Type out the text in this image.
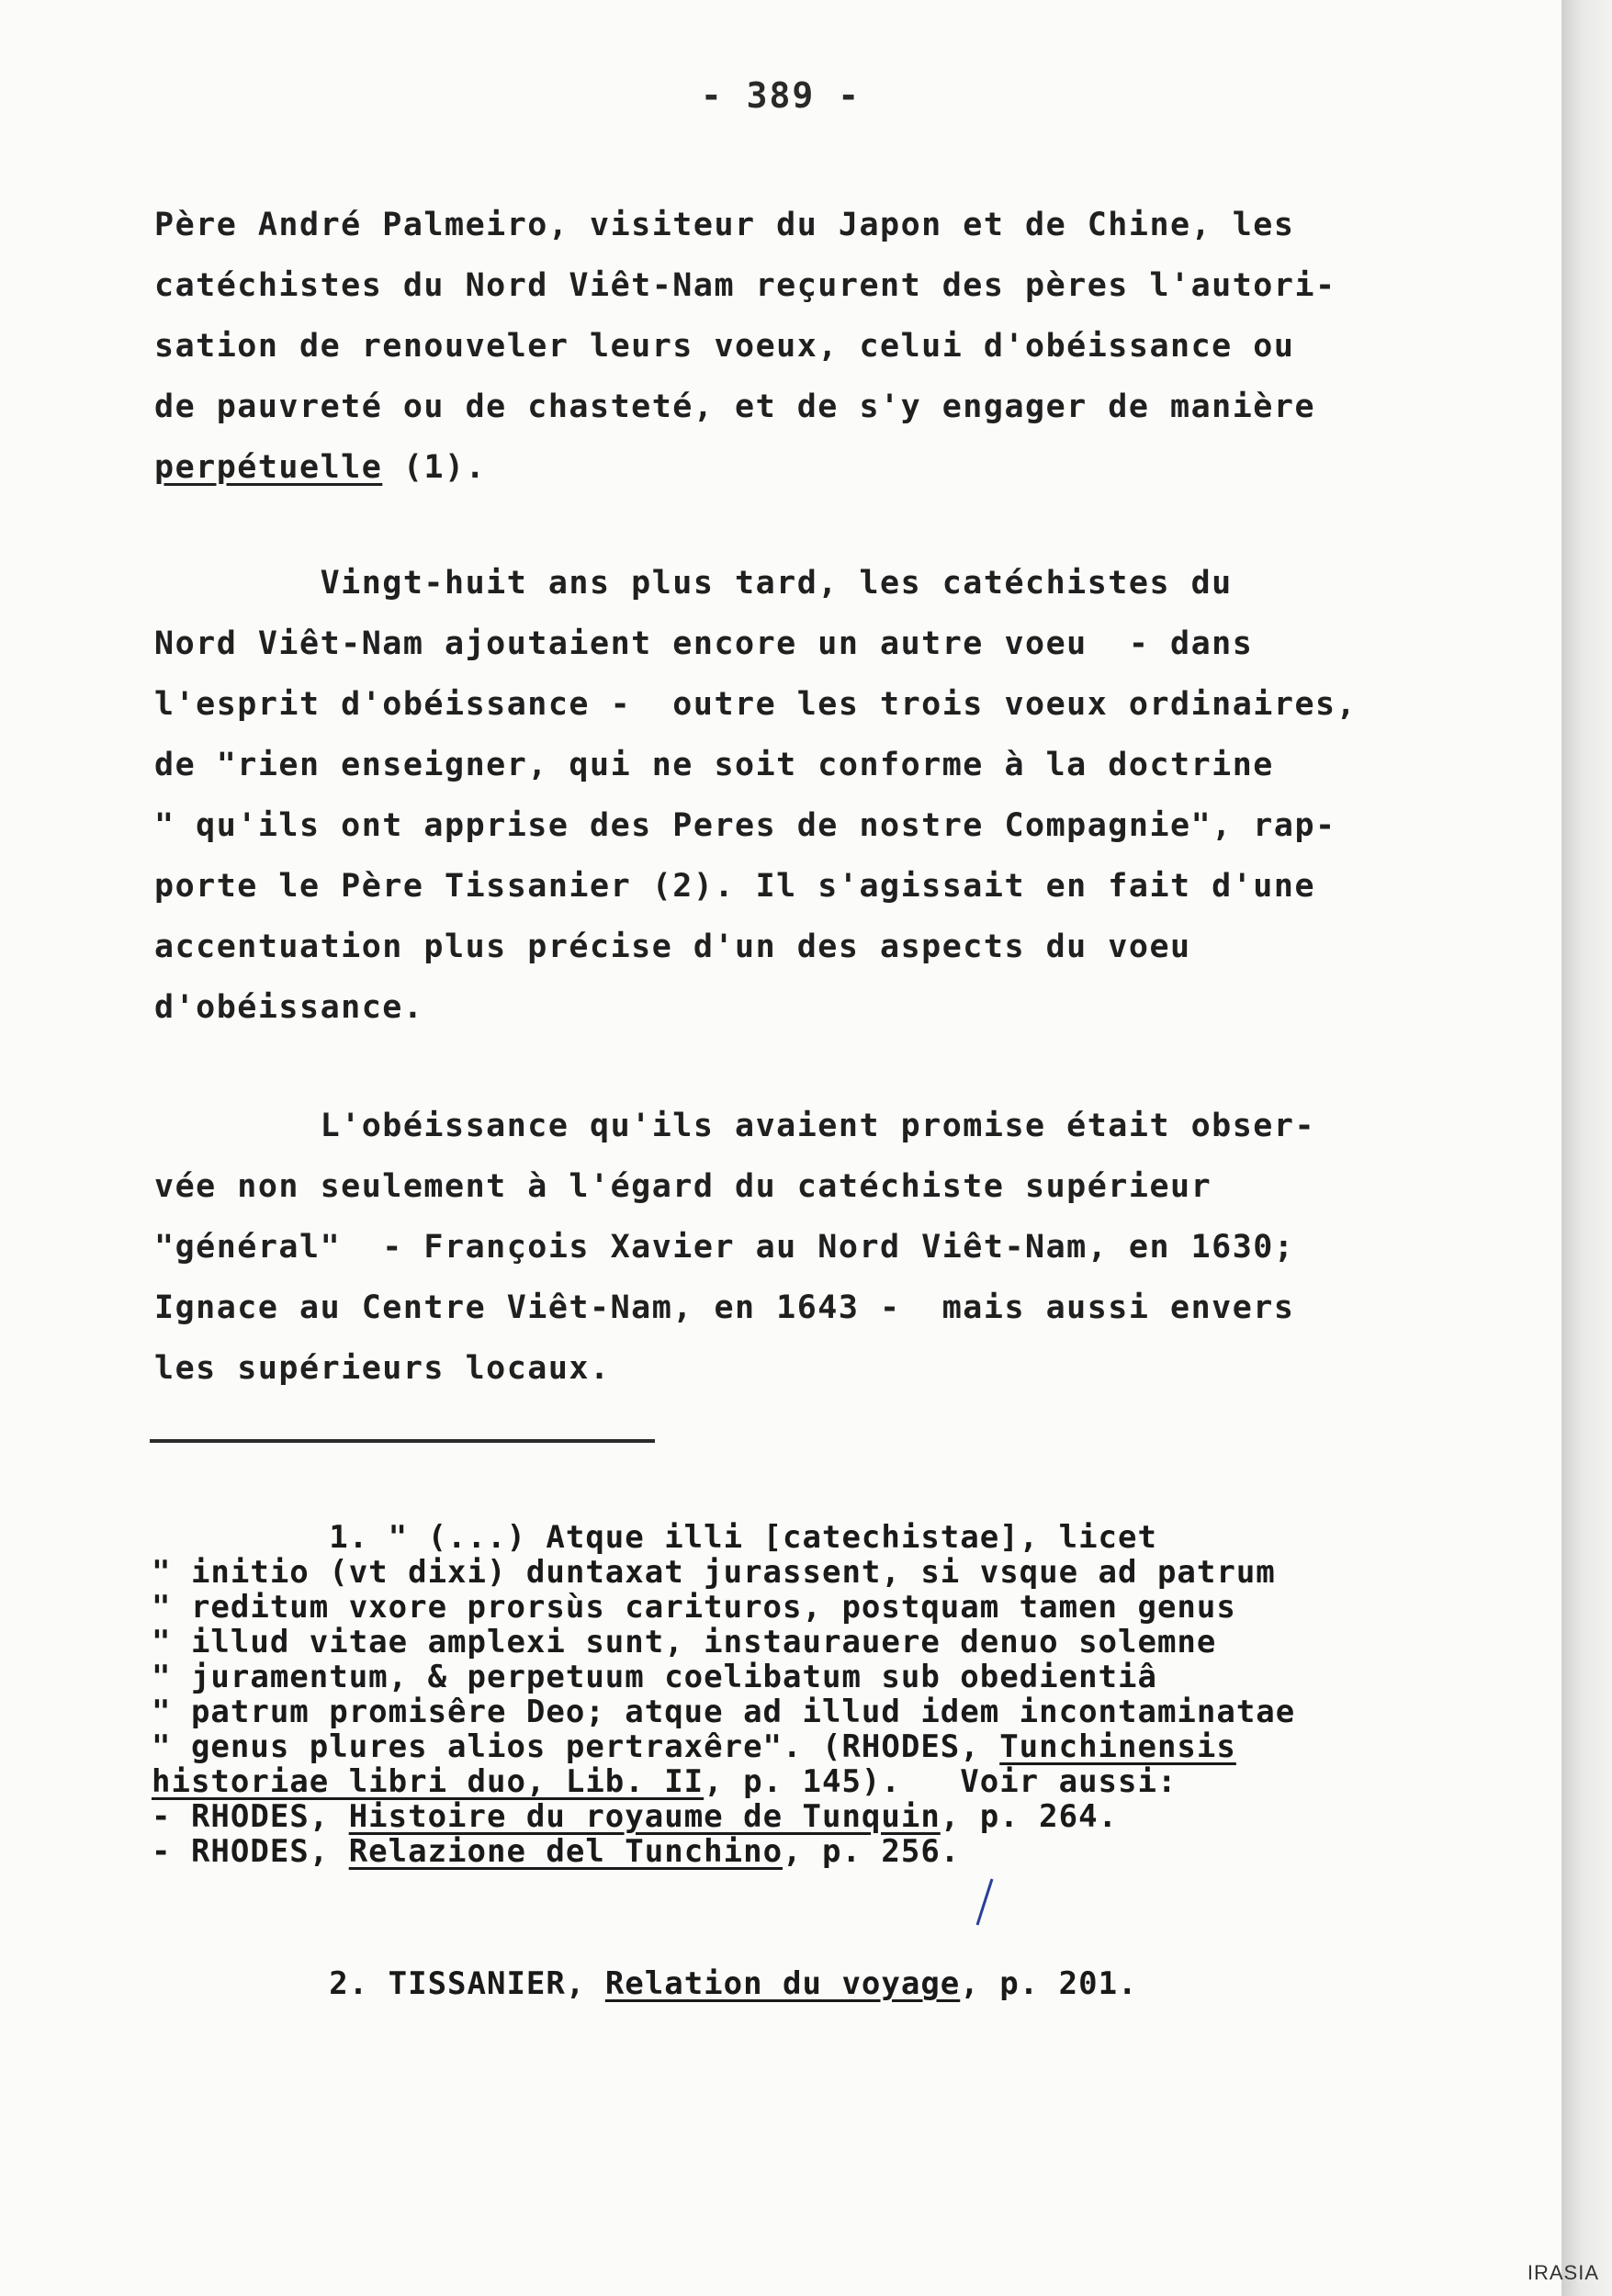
- 389 -
Père André Palmeiro, visiteur du Japon et de Chine, les
catéchistes du Nord Viêt-Nam reçurent des pères l'autori-
sation de renouveler leurs voeux, celui d'obéissance ou
de pauvreté ou de chasteté, et de s'y engager de manière
perpétuelle (1).
Vingt-huit ans plus tard, les catéchistes du
Nord Viêt-Nam ajoutaient encore un autre voeu  - dans
l'esprit d'obéissance -  outre les trois voeux ordinaires,
de "rien enseigner, qui ne soit conforme à la doctrine
" qu'ils ont apprise des Peres de nostre Compagnie", rap-
porte le Père Tissanier (2). Il s'agissait en fait d'une
accentuation plus précise d'un des aspects du voeu
d'obéissance.
L'obéissance qu'ils avaient promise était obser-
vée non seulement à l'égard du catéchiste supérieur
"général"  - François Xavier au Nord Viêt-Nam, en 1630;
Ignace au Centre Viêt-Nam, en 1643 -  mais aussi envers
les supérieurs locaux.
1. " (...) Atque illi [catechistae], licet
" initio (vt dixi) duntaxat jurassent, si vsque ad patrum
" reditum vxore prorsùs carituros, postquam tamen genus
" illud vitae amplexi sunt, instaurauere denuo solemne
" juramentum, & perpetuum coelibatum sub obedientiâ
" patrum promisêre Deo; atque ad illud idem incontaminatae
" genus plures alios pertraxêre". (RHODES, Tunchinensis
historiae libri duo, Lib. II, p. 145).   Voir aussi:
- RHODES, Histoire du royaume de Tunquin, p. 264.
- RHODES, Relazione del Tunchino, p. 256.
2. TISSANIER, Relation du voyage, p. 201.
IRASIA
